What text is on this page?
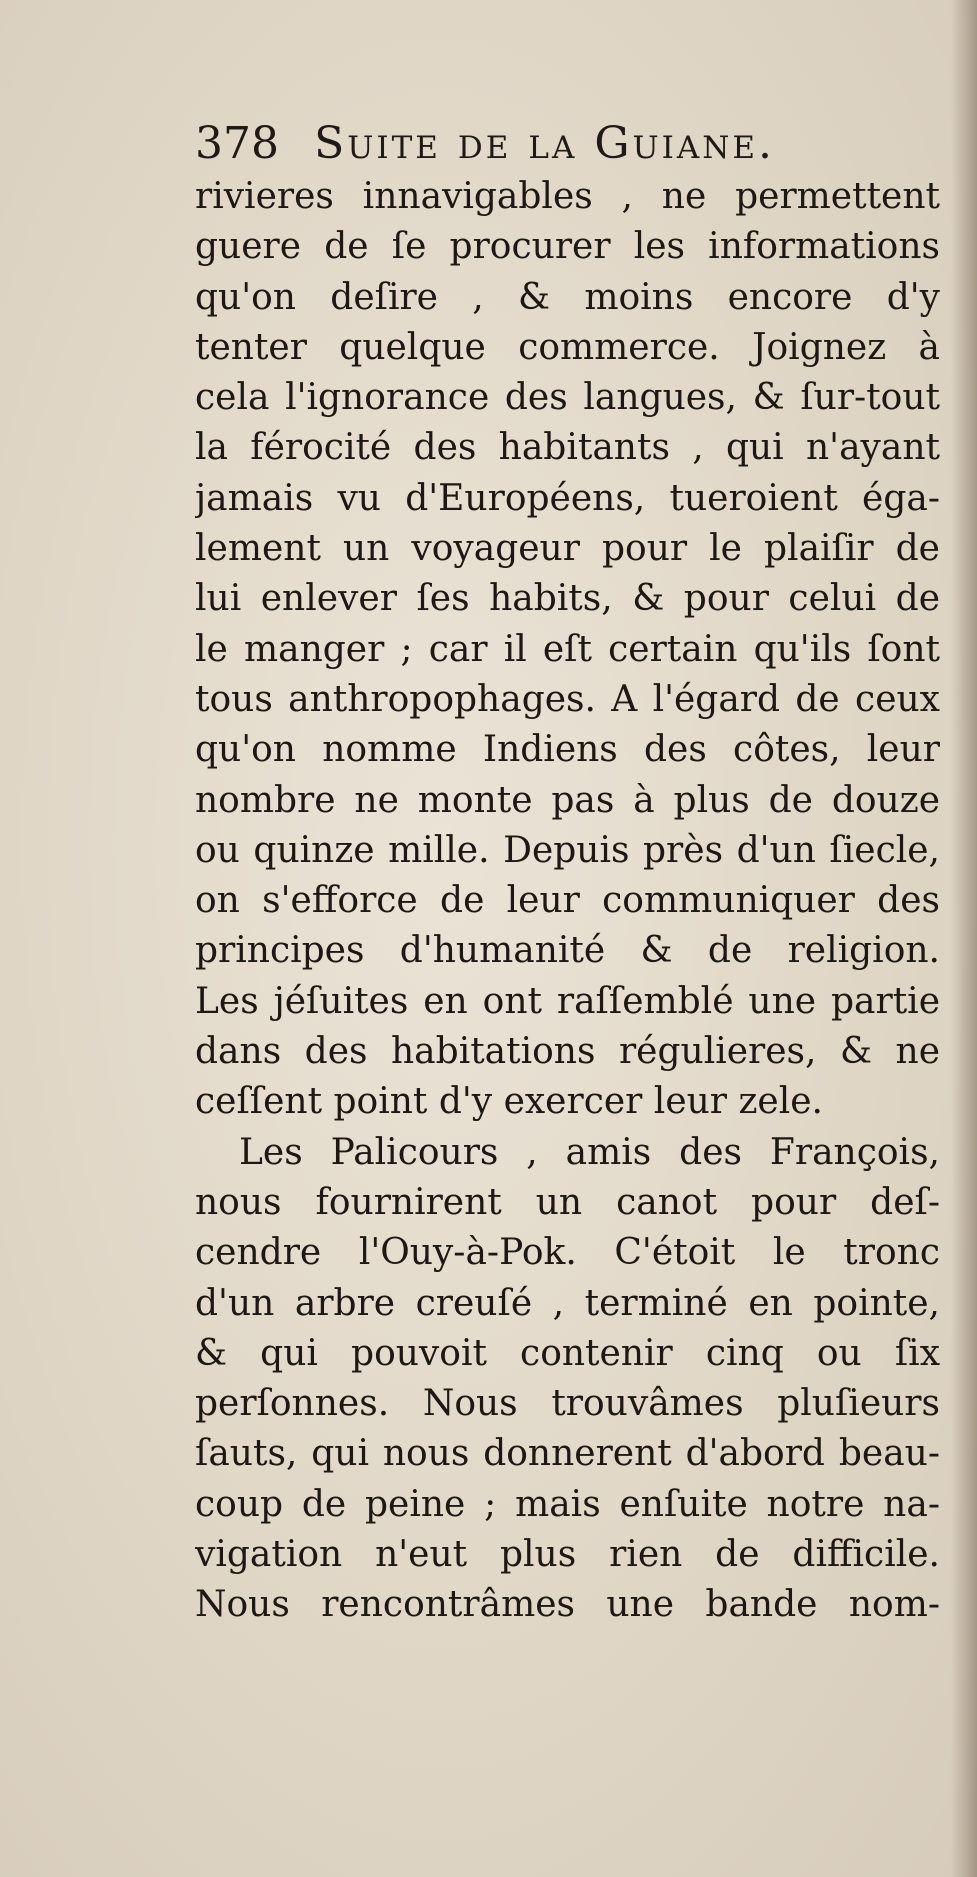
378 Suite de la Guiane.
rivieres innavigables , ne permettent
guere de ſe procurer les informations
qu'on deſire , & moins encore d'y
tenter quelque commerce. Joignez à
cela l'ignorance des langues, & ſur-tout
la férocité des habitants , qui n'ayant
jamais vu d'Européens, tueroient éga-
lement un voyageur pour le plaiſir de
lui enlever ſes habits, & pour celui de
le manger ; car il eſt certain qu'ils ſont
tous anthropophages. A l'égard de ceux
qu'on nomme Indiens des côtes, leur
nombre ne monte pas à plus de douze
ou quinze mille. Depuis près d'un ſiecle,
on s'efforce de leur communiquer des
principes d'humanité & de religion.
Les jéſuites en ont raſſemblé une partie
dans des habitations régulieres, & ne
ceſſent point d'y exercer leur zele.
Les Palicours , amis des François,
nous fournirent un canot pour deſ-
cendre l'Ouy-à-Pok. C'étoit le tronc
d'un arbre creuſé , terminé en pointe,
& qui pouvoit contenir cinq ou ſix
perſonnes. Nous trouvâmes pluſieurs
ſauts, qui nous donnerent d'abord beau-
coup de peine ; mais enſuite notre na-
vigation n'eut plus rien de difficile.
Nous rencontrâmes une bande nom-
